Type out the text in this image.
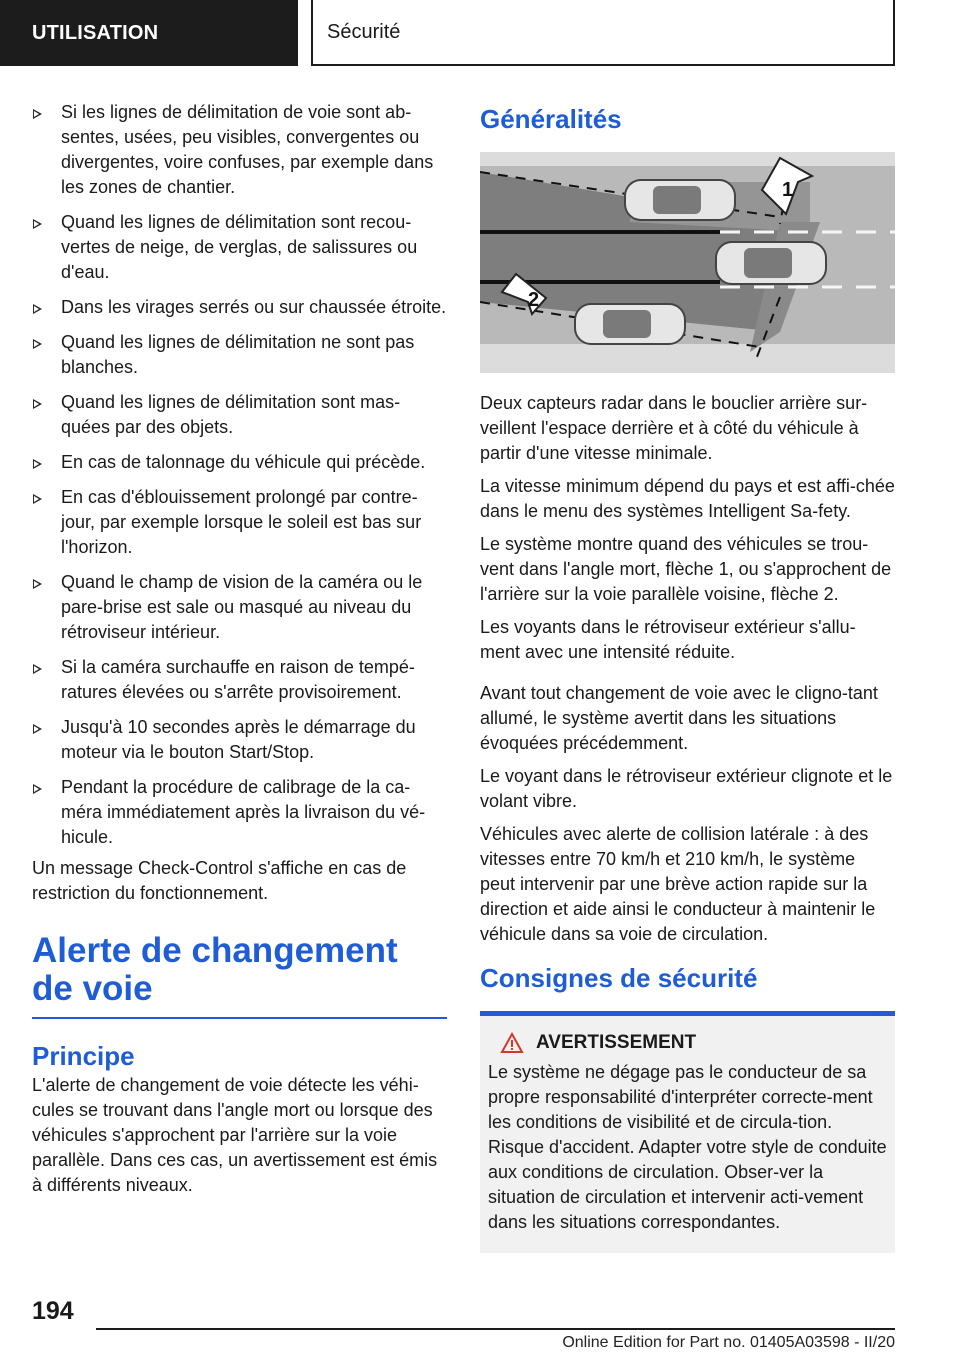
UTILISATION	Sécurité
Si les lignes de délimitation de voie sont ab-sentes, usées, peu visibles, convergentes ou divergentes, voire confuses, par exemple dans les zones de chantier.
Quand les lignes de délimitation sont recou-vertes de neige, de verglas, de salissures ou d'eau.
Dans les virages serrés ou sur chaussée étroite.
Quand les lignes de délimitation ne sont pas blanches.
Quand les lignes de délimitation sont mas-quées par des objets.
En cas de talonnage du véhicule qui précède.
En cas d'éblouissement prolongé par contre-jour, par exemple lorsque le soleil est bas sur l'horizon.
Quand le champ de vision de la caméra ou le pare-brise est sale ou masqué au niveau du rétroviseur intérieur.
Si la caméra surchauffe en raison de tempé-ratures élevées ou s'arrête provisoirement.
Jusqu'à 10 secondes après le démarrage du moteur via le bouton Start/Stop.
Pendant la procédure de calibrage de la ca-méra immédiatement après la livraison du vé-hicule.

Un message Check-Control s'affiche en cas de restriction du fonctionnement.

Alerte de changement de voie
Principe

L'alerte de changement de voie détecte les véhi-cules se trouvant dans l'angle mort ou lorsque des véhicules s'approchent par l'arrière sur la voie parallèle. Dans ces cas, un avertissement est émis à différents niveaux.

Généralités
1
2

Deux capteurs radar dans le bouclier arrière sur-veillent l'espace derrière et à côté du véhicule à partir d'une vitesse minimale.

La vitesse minimum dépend du pays et est affi-chée dans le menu des systèmes Intelligent Sa-fety.

Le système montre quand des véhicules se trou-vent dans l'angle mort, flèche 1, ou s'approchent de l'arrière sur la voie parallèle voisine, flèche 2.

Les voyants dans le rétroviseur extérieur s'allu-ment avec une intensité réduite.

Avant tout changement de voie avec le cligno-tant allumé, le système avertit dans les situations évoquées précédemment.

Le voyant dans le rétroviseur extérieur clignote et le volant vibre.

Véhicules avec alerte de collision latérale : à des vitesses entre 70 km/h et 210 km/h, le système peut intervenir par une brève action rapide sur la direction et aide ainsi le conducteur à maintenir le véhicule dans sa voie de circulation.

Consignes de sécurité
AVERTISSEMENT

Le système ne dégage pas le conducteur de sa propre responsabilité d'interpréter correcte-ment les conditions de visibilité et de circula-tion. Risque d'accident. Adapter votre style de conduite aux conditions de circulation. Obser-ver la situation de circulation et intervenir acti-vement dans les situations correspondantes.

194
Online Edition for Part no. 01405A03598 - II/20
